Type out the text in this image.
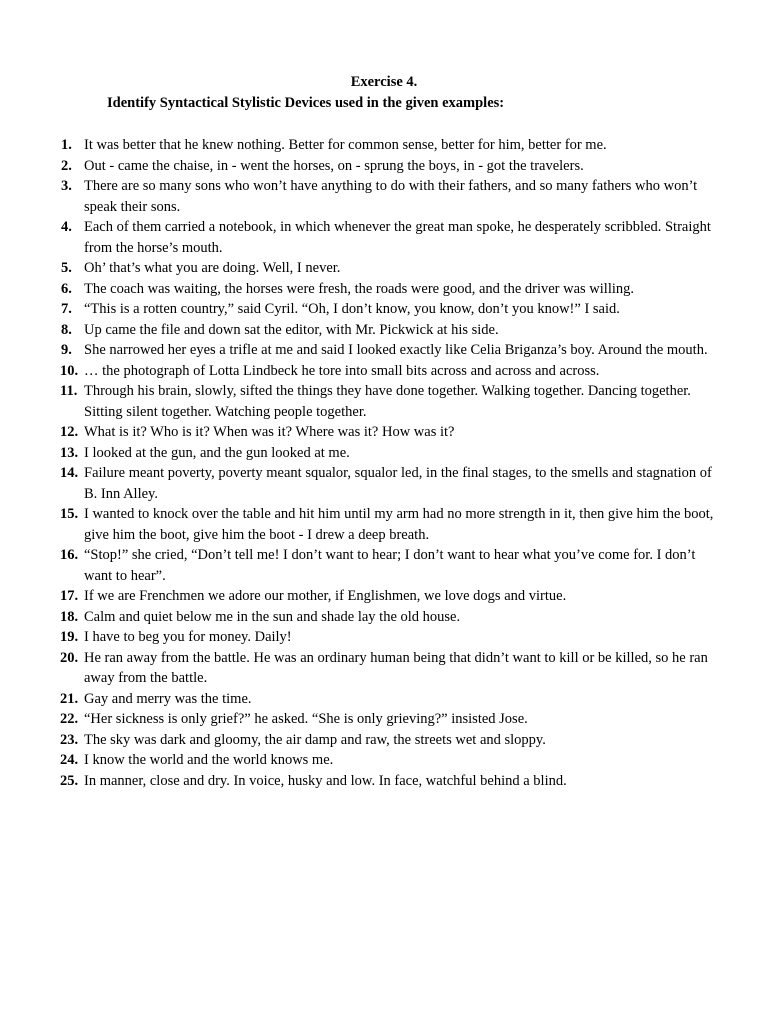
Exercise 4.
Identify Syntactical Stylistic Devices used in the given examples:
1. It was better that he knew nothing. Better for common sense, better for him, better for me.
2. Out - came the chaise, in - went the horses, on - sprung the boys, in - got the travelers.
3. There are so many sons who won’t have anything to do with their fathers, and so many fathers who won’t speak their sons.
4. Each of them carried a notebook, in which whenever the great man spoke, he desperately scribbled. Straight from the horse’s mouth.
5. Oh’ that’s what you are doing. Well, I never.
6. The coach was waiting, the horses were fresh, the roads were good, and the driver was willing.
7. “This is a rotten country,” said Cyril. “Oh, I don’t know, you know, don’t you know!” I said.
8. Up came the file and down sat the editor, with Mr. Pickwick at his side.
9. She narrowed her eyes a trifle at me and said I looked exactly like Celia Briganza’s boy. Around the mouth.
10. … the photograph of Lotta Lindbeck he tore into small bits across and across and across.
11. Through his brain, slowly, sifted the things they have done together. Walking together. Dancing together. Sitting silent together. Watching people together.
12. What is it? Who is it? When was it? Where was it? How was it?
13. I looked at the gun, and the gun looked at me.
14. Failure meant poverty, poverty meant squalor, squalor led, in the final stages, to the smells and stagnation of B. Inn Alley.
15. I wanted to knock over the table and hit him until my arm had no more strength in it, then give him the boot, give him the boot, give him the boot - I drew a deep breath.
16. “Stop!” she cried, “Don’t tell me! I don’t want to hear; I don’t want to hear what you’ve come for. I don’t want to hear”.
17. If we are Frenchmen we adore our mother, if Englishmen, we love dogs and virtue.
18. Calm and quiet below me in the sun and shade lay the old house.
19. I have to beg you for money. Daily!
20. He ran away from the battle. He was an ordinary human being that didn’t want to kill or be killed, so he ran away from the battle.
21. Gay and merry was the time.
22. “Her sickness is only grief?” he asked. “She is only grieving?” insisted Jose.
23. The sky was dark and gloomy, the air damp and raw, the streets wet and sloppy.
24. I know the world and the world knows me.
25. In manner, close and dry. In voice, husky and low. In face, watchful behind a blind.
